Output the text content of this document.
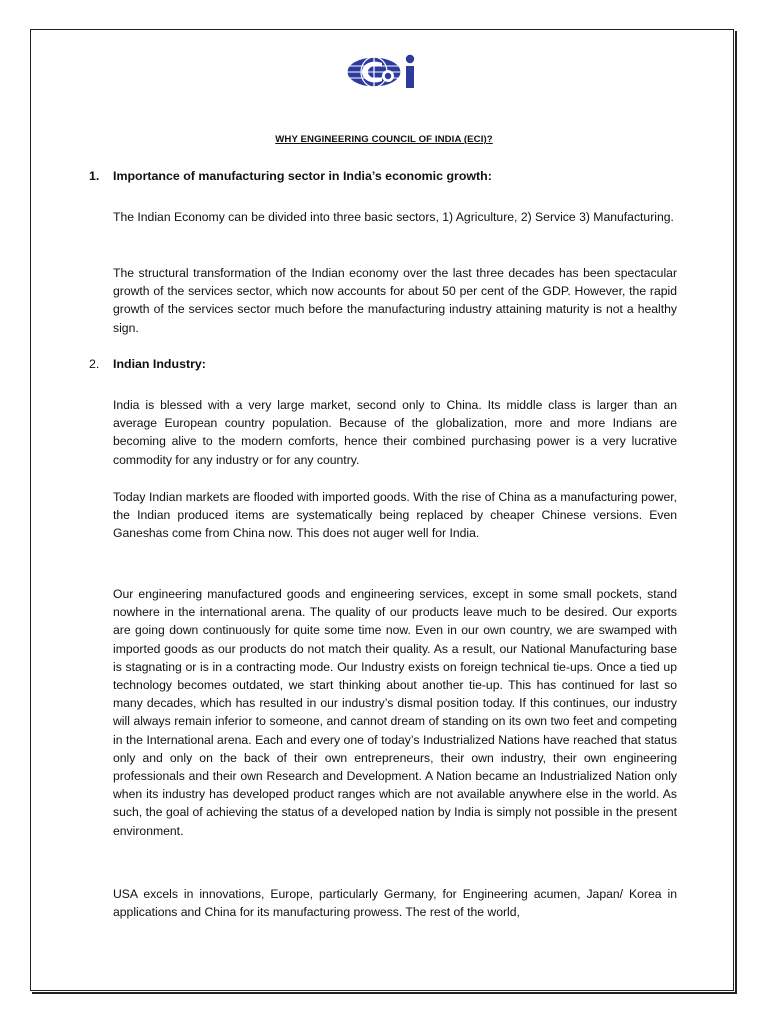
eci
WHY ENGINEERING COUNCIL OF INDIA (ECI)?
1. Importance of manufacturing sector in India’s economic growth:

The Indian Economy can be divided into three basic sectors, 1) Agriculture, 2) Service 3) Manufacturing.

The structural transformation of the Indian economy over the last three decades has been spectacular growth of the services sector, which now accounts for about 50 per cent of the GDP. However, the rapid growth of the services sector much before the manufacturing industry attaining maturity is not a healthy sign.

2. Indian Industry:

India is blessed with a very large market, second only to China. Its middle class is larger than an average European country population. Because of the globalization, more and more Indians are becoming alive to the modern comforts, hence their combined purchasing power is a very lucrative commodity for any industry or for any country.

Today Indian markets are flooded with imported goods. With the rise of China as a manufacturing power, the Indian produced items are systematically being replaced by cheaper Chinese versions. Even Ganeshas come from China now. This does not auger well for India.

Our engineering manufactured goods and engineering services, except in some small pockets, stand nowhere in the international arena. The quality of our products leave much to be desired. Our exports are going down continuously for quite some time now. Even in our own country, we are swamped with imported goods as our products do not match their quality. As a result, our National Manufacturing base is stagnating or is in a contracting mode. Our Industry exists on foreign technical tie-ups. Once a tied up technology becomes outdated, we start thinking about another tie-up. This has continued for last so many decades, which has resulted in our industry’s dismal position today. If this continues, our industry will always remain inferior to someone, and cannot dream of standing on its own two feet and competing in the International arena. Each and every one of today’s Industrialized Nations have reached that status only and only on the back of their own entrepreneurs, their own industry, their own engineering professionals and their own Research and Development. A Nation became an Industrialized Nation only when its industry has developed product ranges which are not available anywhere else in the world. As such, the goal of achieving the status of a developed nation by India is simply not possible in the present environment.

USA excels in innovations, Europe, particularly Germany, for Engineering acumen, Japan/ Korea in applications and China for its manufacturing prowess. The rest of the world,
